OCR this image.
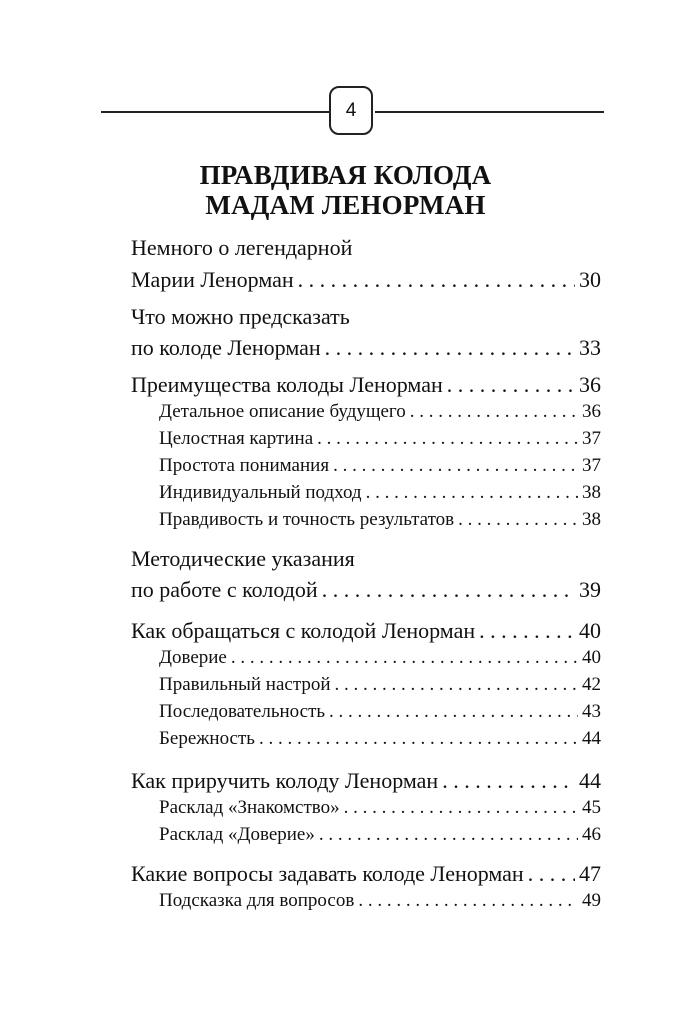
4
ПРАВДИВАЯ КОЛОДА
МАДАМ ЛЕНОРМАН
Немного о легендарной
Марии Ленорман . . .	30
Что можно предсказать
по колоде Ленорман . . .	33
Преимущества колоды Ленорман . . .	36
Детальное описание будущего . . .	36
Целостная картина . . .	37
Простота понимания . . .	37
Индивидуальный подход . . .	38
Правдивость и точность результатов . . .	38
Методические указания
по работе с колодой . . .	39
Как обращаться с колодой Ленорман . . .	40
Доверие . . .	40
Правильный настрой . . .	42
Последовательность . . .	43
Бережность . . .	44
Как приручить колоду Ленорман . . .	44
Расклад «Знакомство» . . .	45
Расклад «Доверие» . . .	46
Какие вопросы задавать колоде Ленорман . . .	47
Подсказка для вопросов . . .	49
